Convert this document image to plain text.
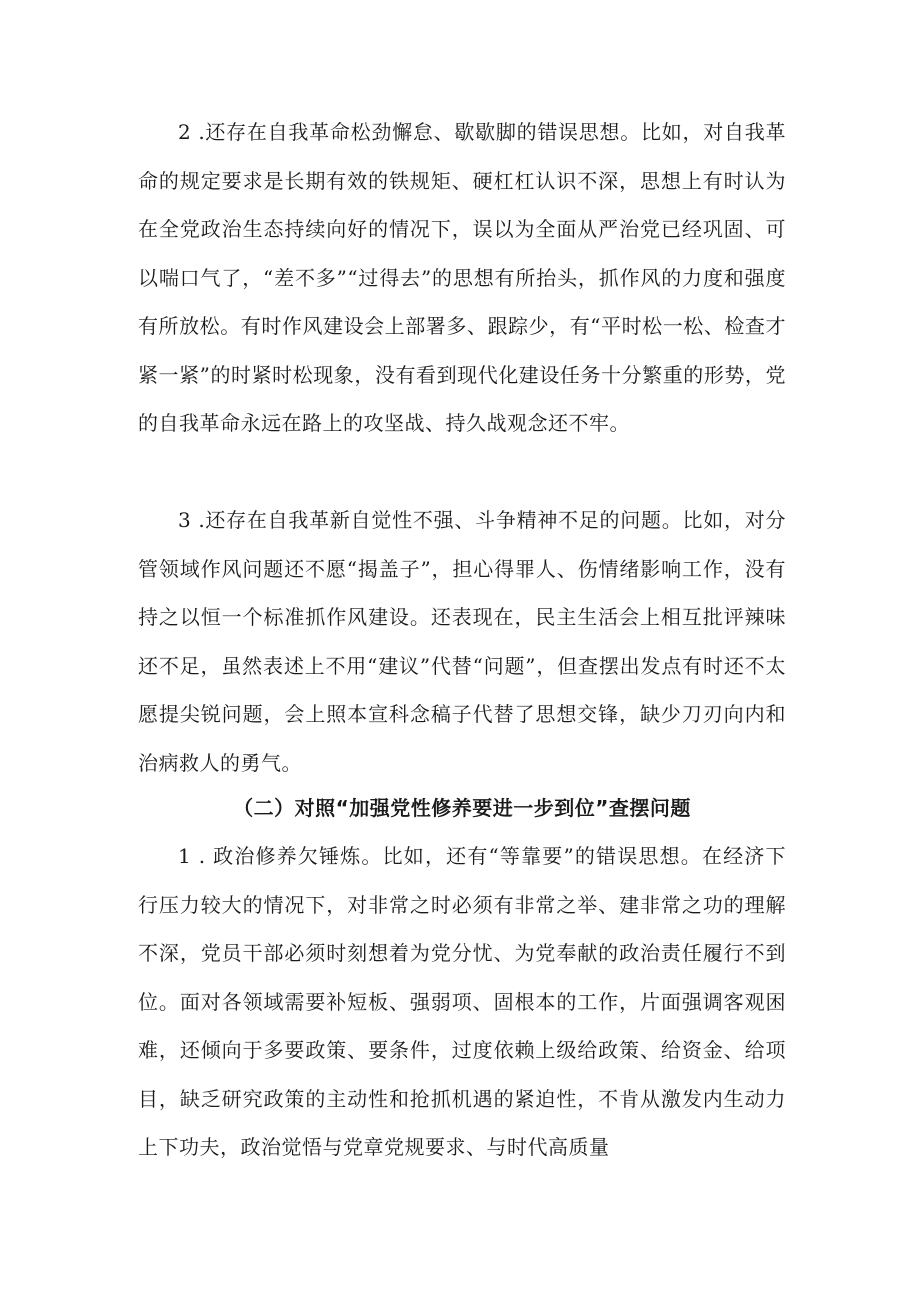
2 .还存在自我革命松劲懈怠、歇歇脚的错误思想。比如，对自我革命的规定要求是长期有效的铁规矩、硬杠杠认识不深，思想上有时认为在全党政治生态持续向好的情况下，误以为全面从严治党已经巩固、可以喘口气了，“差不多”“过得去”的思想有所抬头，抓作风的力度和强度有所放松。有时作风建设会上部署多、跟踪少，有“平时松一松、检查才紧一紧”的时紧时松现象，没有看到现代化建设任务十分繁重的形势，党的自我革命永远在路上的攻坚战、持久战观念还不牢。

3 .还存在自我革新自觉性不强、斗争精神不足的问题。比如，对分管领域作风问题还不愿“揭盖子”，担心得罪人、伤情绪影响工作，没有持之以恒一个标准抓作风建设。还表现在，民主生活会上相互批评辣味还不足，虽然表述上不用“建议”代替“问题”，但查摆出发点有时还不太愿提尖锐问题，会上照本宣科念稿子代替了思想交锋，缺少刀刃向内和治病救人的勇气。

（二）对照“加强党性修养要进一步到位”查摆问题

1 . 政治修养欠锤炼。比如，还有“等靠要”的错误思想。在经济下行压力较大的情况下，对非常之时必须有非常之举、建非常之功的理解不深，党员干部必须时刻想着为党分忧、为党奉献的政治责任履行不到位。面对各领域需要补短板、强弱项、固根本的工作，片面强调客观困难，还倾向于多要政策、要条件，过度依赖上级给政策、给资金、给项目，缺乏研究政策的主动性和抢抓机遇的紧迫性，不肯从激发内生动力上下功夫，政治觉悟与党章党规要求、与时代高质量
